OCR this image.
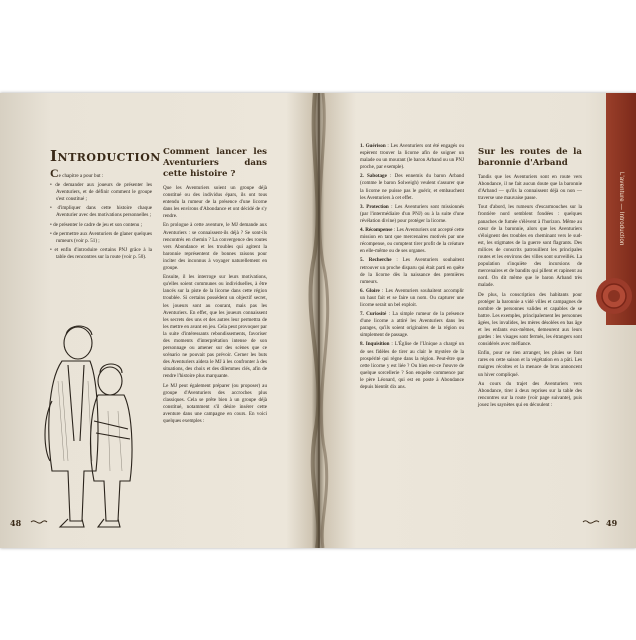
Introduction

Ce chapitre a pour but :

• de demander aux joueurs de présenter les Aventuriers, et de définir comment le groupe s'est constitué ;

• d'impliquer dans cette histoire chaque Aventurier avec des motivations personnelles ;

• de présenter le cadre de jeu et son contenu ;

• de permettre aux Aventuriers de glaner quelques rumeurs (voir p. 51) ;

• et enfin d'introduire certains PNJ grâce à la table des rencontres sur la route (voir p. 50).

Comment lancer les Aventuriers dans cette histoire ?

Que les Aventuriers soient un groupe déjà constitué ou des individus épars, ils ont tous entendu la rumeur de la présence d'une licorne dans les environs d'Abondance et ont décidé de s'y rendre.

En prologue à cette aventure, le MJ demande aux Aventuriers : se connaissent-ils déjà ? Se sont-ils rencontrés en chemin ? La convergence des routes vers Abondance et les troubles qui agitent la baronnie représentent de bonnes raisons pour inciter des inconnus à voyager naturellement en groupe.

Ensuite, il les interroge sur leurs motivations, qu'elles soient communes ou individuelles, à être lancés sur la piste de la licorne dans cette région troublée. Si certains possèdent un objectif secret, les joueurs sont au courant, mais pas les Aventuriers. En effet, que les joueurs connaissent les secrets des uns et des autres leur permettra de les mettre en avant en jeu. Cela peut provoquer par la suite d'intéressants rebondissements, favoriser des moments d'interprétation intense de son personnage ou amener sur des scènes que ce scénario ne pouvait pas prévoir. Cerner les buts des Aventuriers aidera le MJ à les confronter à des situations, des choix et des dilemmes clés, afin de rendre l'histoire plus marquante.

Le MJ peut également préparer (ou proposer) au groupe d'Aventuriers des accroches plus classiques. Cela se prête bien à un groupe déjà constitué, notamment s'il désire insérer cette aventure dans une campagne en cours. En voici quelques exemples :

48

1. Guérison : Les Aventuriers ont été engagés ou espèrent trouver la licorne afin de soigner un malade ou un mourant (le baron Arband ou un PNJ proche, par exemple).

2. Sabotage : Des ennemis du baron Arband (comme le baron Solweigh) veulent s'assurer que la licorne ne puisse pas le guérir, et embauchent les Aventuriers à cet effet.

3. Protection : Les Aventuriers sont missionnés (par l'intermédiaire d'un PNJ) ou à la suite d'une révélation divine) pour protéger la licorne.

4. Récompense : Les Aventuriers ont accepté cette mission en tant que mercenaires motivés par une récompense, ou comptent tirer profit de la créature en elle-même ou de ses organes.

5. Recherche : Les Aventuriers souhaitent retrouver un proche disparu qui était parti en quête de la licorne dès la naissance des premières rumeurs.

6. Gloire : Les Aventuriers souhaitent accomplir un haut fait et se faire un nom. Ou capturer une licorne serait un bel exploit.

7. Curiosité : La simple rumeur de la présence d'une licorne a attiré les Aventuriers dans les parages, qu'ils soient originaires de la région ou simplement de passage.

8. Inquisition : L'Église de l'Unique a chargé un de ses fidèles de tirer au clair le mystère de la prospérité qui règne dans la région. Peut-être que cette licorne y est liée ? Ou bien est-ce l'œuvre de quelque sorcellerie ? Son enquête commence par le père Léonard, qui est en poste à Abondance depuis bientôt dix ans.

Sur les routes de la baronnie d'Arband

Tandis que les Aventuriers sont en route vers Abondance, il ne fait aucun doute que la baronnie d'Arband — qu'ils la connaissent déjà ou non — traverse une mauvaise passe.

Tout d'abord, les rumeurs d'escarmouches sur la frontière nord semblent fondées : quelques panaches de fumée s'élèvent à l'horizon. Même au cœur de la baronnie, alors que les Aventuriers s'éloignent des troubles en cheminant vers le sud-est, les stigmates de la guerre sont flagrants. Des milices de conscrits patrouillent les principales routes et les environs des villes sont surveillés. La population s'inquiète des incursions de mercenaires et de bandits qui pillent et rapinent au nord. On dit même que le baron Arband très malade.

De plus, la conscription des habitants pour protéger la baronnie a vidé villes et campagnes de nombre de personnes valides et capables de se battre. Les exemples, principalement les personnes âgées, les invalides, les mères désolées en bas âge et les enfants eux-mêmes, demeurent aux leurs gardes : les visages sont fermés, les étrangers sont considérés avec méfiance.

Enfin, pour ne rien arranger, les pluies se font rares en cette saison et la végétation en a pâti. Les maigres récoltes et la menace de bras annoncent un hiver compliqué.

Au cours du trajet des Aventuriers vers Abondance, tirer à deux reprises sur la table des rencontres sur la route (voir page suivante), puis jouez les saynètes qui en découlent :

49
L'aventure — Introduction
